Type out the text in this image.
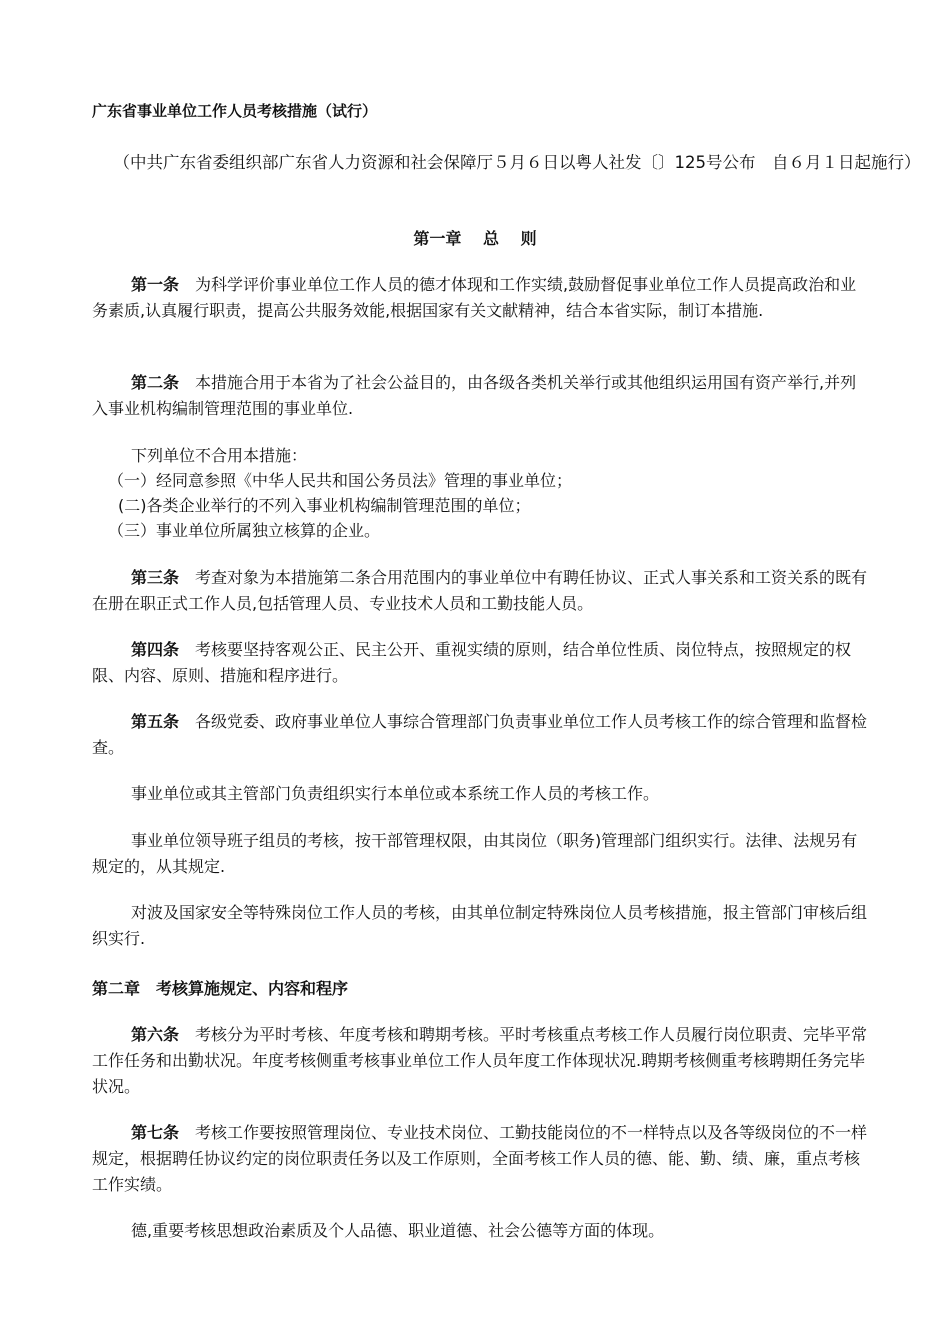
广东省事业单位工作人员考核措施（试行）

（中共广东省委组织部广东省人力资源和社会保障厅５月６日以粤人社发〔〕125号公布　自６月１日起施行）

第一章　 总　 则

第一条 为科学评价事业单位工作人员的德才体现和工作实绩,鼓励督促事业单位工作人员提高政治和业务素质,认真履行职责，提高公共服务效能,根据国家有关文献精神，结合本省实际，制订本措施.

第二条 本措施合用于本省为了社会公益目的，由各级各类机关举行或其他组织运用国有资产举行,并列入事业机构编制管理范围的事业单位.

下列单位不合用本措施：

（一）经同意参照《中华人民共和国公务员法》管理的事业单位；

(二)各类企业举行的不列入事业机构编制管理范围的单位；

（三）事业单位所属独立核算的企业。

第三条 考查对象为本措施第二条合用范围内的事业单位中有聘任协议、正式人事关系和工资关系的既有在册在职正式工作人员,包括管理人员、专业技术人员和工勤技能人员。

第四条 考核要坚持客观公正、民主公开、重视实绩的原则，结合单位性质、岗位特点，按照规定的权限、内容、原则、措施和程序进行。

第五条 各级党委、政府事业单位人事综合管理部门负责事业单位工作人员考核工作的综合管理和监督检查。

事业单位或其主管部门负责组织实行本单位或本系统工作人员的考核工作。

事业单位领导班子组员的考核，按干部管理权限，由其岗位（职务)管理部门组织实行。法律、法规另有规定的，从其规定.

对波及国家安全等特殊岗位工作人员的考核，由其单位制定特殊岗位人员考核措施，报主管部门审核后组织实行.

第二章　考核算施规定、内容和程序

第六条 考核分为平时考核、年度考核和聘期考核。平时考核重点考核工作人员履行岗位职责、完毕平常工作任务和出勤状况。年度考核侧重考核事业单位工作人员年度工作体现状况.聘期考核侧重考核聘期任务完毕状况。

第七条 考核工作要按照管理岗位、专业技术岗位、工勤技能岗位的不一样特点以及各等级岗位的不一样规定，根据聘任协议约定的岗位职责任务以及工作原则，全面考核工作人员的德、能、勤、绩、廉，重点考核工作实绩。

德,重要考核思想政治素质及个人品德、职业道德、社会公德等方面的体现。
